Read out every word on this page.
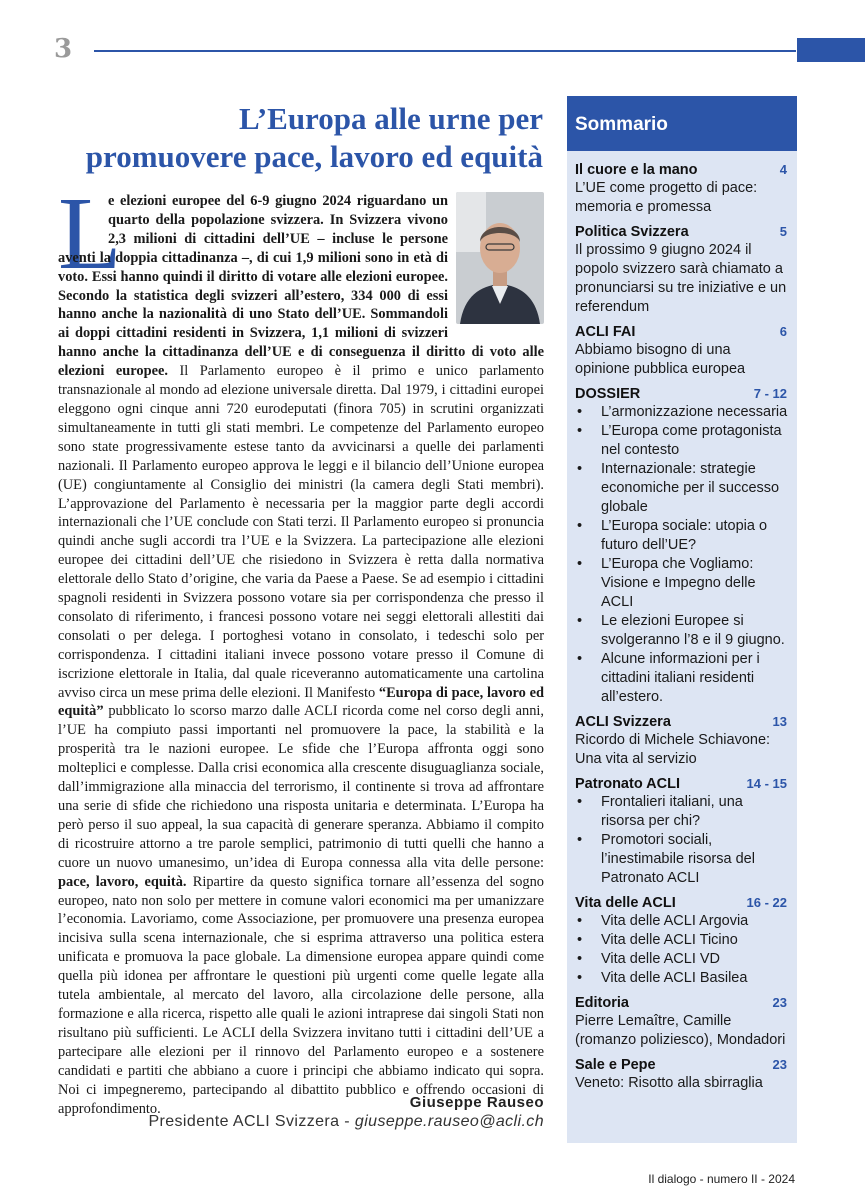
3
L’Europa alle urne per
promuovere pace, lavoro ed equità
L

e elezioni europee del 6-9 giugno 2024 riguardano un quarto della popolazione svizzera. In Svizzera vivono 2,3 milioni di cittadini dell’UE – incluse le persone aventi la doppia cittadinanza –, di cui 1,9 milioni sono in età di voto. Essi hanno quindi il diritto di votare alle elezioni europee. Secondo la statistica degli svizzeri all’estero, 334 000 di essi hanno anche la nazionalità di uno Stato dell’UE. Sommandoli ai doppi cittadini residenti in Svizzera, 1,1 milioni di svizzeri hanno anche la cittadinanza dell’UE e di conseguenza il diritto di voto alle elezioni europee. Il Parlamento europeo è il primo e unico parlamento transnazionale al mondo ad elezione universale diretta. Dal 1979, i cittadini europei eleggono ogni cinque anni 720 eurodeputati (finora 705) in scrutini organizzati simultaneamente in tutti gli stati membri. Le competenze del Parlamento europeo sono state progressivamente estese tanto da avvicinarsi a quelle dei parlamenti nazionali. Il Parlamento europeo approva le leggi e il bilancio dell’Unione europea (UE) congiuntamente al Consiglio dei ministri (la camera degli Stati membri). L’approvazione del Parlamento è necessaria per la maggior parte degli accordi internazionali che l’UE conclude con Stati terzi. Il Parlamento europeo si pronuncia quindi anche sugli accordi tra l’UE e la Svizzera. La partecipazione alle elezioni europee dei cittadini dell’UE che risiedono in Svizzera è retta dalla normativa elettorale dello Stato d’origine, che varia da Paese a Paese. Se ad esempio i cittadini spagnoli residenti in Svizzera possono votare sia per corrispondenza che presso il consolato di riferimento, i francesi possono votare nei seggi elettorali allestiti dai consolati o per delega. I portoghesi votano in consolato, i tedeschi solo per corrispondenza. I cittadini italiani invece possono votare presso il Comune di iscrizione elettorale in Italia, dal quale riceveranno automaticamente una cartolina avviso circa un mese prima delle elezioni. Il Manifesto “Europa di pace, lavoro ed equità” pubblicato lo scorso marzo dalle ACLI ricorda come nel corso degli anni, l’UE ha compiuto passi importanti nel promuovere la pace, la stabilità e la prosperità tra le nazioni europee. Le sfide che l’Europa affronta oggi sono molteplici e complesse. Dalla crisi economica alla crescente disuguaglianza sociale, dall’immigrazione alla minaccia del terrorismo, il continente si trova ad affrontare una serie di sfide che richiedono una risposta unitaria e determinata. L’Europa ha però perso il suo appeal, la sua capacità di generare speranza. Abbiamo il compito di ricostruire attorno a tre parole semplici, patrimonio di tutti quelli che hanno a cuore un nuovo umanesimo, un’idea di Europa connessa alla vita delle persone: pace, lavoro, equità. Ripartire da questo significa tornare all’essenza del sogno europeo, nato non solo per mettere in comune valori economici ma per umanizzare l’economia. Lavoriamo, come Associazione, per promuovere una presenza europea incisiva sulla scena internazionale, che si esprima attraverso una politica estera unificata e promuova la pace globale. La dimensione europea appare quindi come quella più idonea per affrontare le questioni più urgenti come quelle legate alla tutela ambientale, al mercato del lavoro, alla circolazione delle persone, alla formazione e alla ricerca, rispetto alle quali le azioni intraprese dai singoli Stati non risultano più sufficienti. Le ACLI della Svizzera invitano tutti i cittadini dell’UE a partecipare alle elezioni per il rinnovo del Parlamento europeo e a sostenere candidati e partiti che abbiano a cuore i principi che abbiamo indicato qui sopra. Noi ci impegneremo, partecipando al dibattito pubblico e offrendo occasioni di approfondimento.	Giuseppe Rauseo
Presidente ACLI Svizzera - giuseppe.rauseo@acli.ch
Sommario
Il cuore e la mano	4
L’UE come progetto di pace: memoria e promessa
Politica Svizzera	5
Il prossimo 9 giugno 2024 il popolo svizzero sarà chiamato a pronunciarsi su tre iniziative e un referendum
ACLI FAI	6
Abbiamo bisogno di una opinione pubblica europea
DOSSIER	7 - 12
• L’armonizzazione necessaria
• L’Europa come protagonista nel contesto
• Internazionale: strategie economiche per il successo globale
• L’Europa sociale: utopia o futuro dell’UE?
• L’Europa che Vogliamo: Visione e Impegno delle ACLI
• Le elezioni Europee si svolgeranno l’8 e il 9 giugno.
• Alcune informazioni per i cittadini italiani residenti all’estero.
ACLI Svizzera	13
Ricordo di Michele Schiavone: Una vita al servizio
Patronato ACLI	14 - 15
• Frontalieri italiani, una risorsa per chi?
• Promotori sociali, l’inestimabile risorsa del Patronato ACLI
Vita delle ACLI	16 - 22
• Vita delle ACLI Argovia
• Vita delle ACLI Ticino
• Vita delle ACLI VD
• Vita delle ACLI Basilea
Editoria	23
Pierre Lemaître, Camille (romanzo poliziesco), Mondadori
Sale e Pepe	23
Veneto: Risotto alla sbirraglia
Il dialogo - numero II - 2024
